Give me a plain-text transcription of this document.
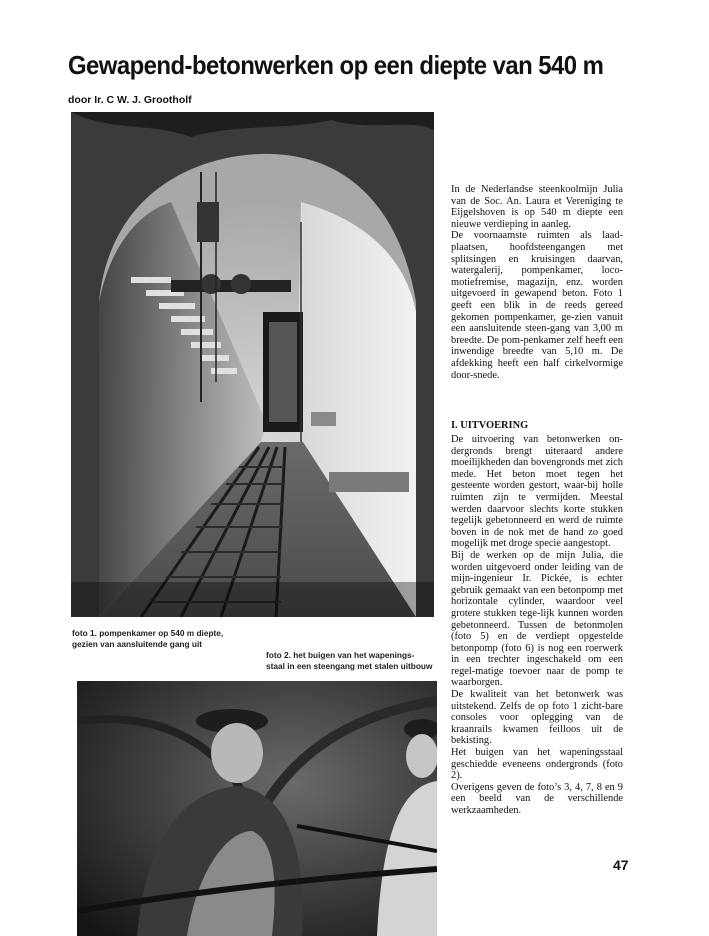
Gewapend-betonwerken op een diepte van 540 m
door Ir. C W. J. Grootholf
foto 1. pompenkamer op 540 m diepte,
gezien van aansluitende gang uit
foto 2. het buigen van het wapenings-
staal in een steengang met stalen uitbouw

In de Nederlandse steenkoolmijn Julia van de Soc. An. Laura et Vereniging te Eijgelshoven is op 540 m diepte een nieuwe verdieping in aanleg.

De voornaamste ruimten als laad-plaatsen, hoofdsteengangen met splitsingen en kruisingen daarvan, watergalerij, pompenkamer, loco-motiefremise, magazijn, enz. worden uitgevoerd in gewapend beton. Foto 1 geeft een blik in de reeds gereed gekomen pompenkamer, ge-zien vanuit een aansluitende steen-gang van 3,00 m breedte. De pom-penkamer zelf heeft een inwendige breedte van 5,10 m. De afdekking heeft een half cirkelvormige door-snede.

I. UITVOERING

De uitvoering van betonwerken on-dergronds brengt uiteraard andere moeilijkheden dan bovengronds met zich mede. Het beton moet tegen het gesteente worden gestort, waar-bij holle ruimten zijn te vermijden. Meestal werden daarvoor slechts korte stukken tegelijk gebetonneerd en werd de ruimte boven in de nok met de hand zo goed mogelijk met droge specie aangestopt.

Bij de werken op de mijn Julia, die worden uitgevoerd onder leiding van de mijn-ingenieur Ir. Pickée, is echter gebruik gemaakt van een betonpomp met horizontale cylinder, waardoor veel grotere stukken tege-lijk kunnen worden gebetonneerd. Tussen de betonmolen (foto 5) en de verdiept opgestelde betonpomp (foto 6) is nog een roerwerk in een trechter ingeschakeld om een regel-matige toevoer naar de pomp te waarborgen.

De kwaliteit van het betonwerk was uitstekend. Zelfs de op foto 1 zicht-bare consoles voor oplegging van de kraanrails kwamen feilloos uit de bekisting.

Het buigen van het wapeningsstaal geschiedde eveneens ondergronds (foto 2).

Overigens geven de foto’s 3, 4, 7, 8 en 9 een beeld van de verschillende werkzaamheden.

47
